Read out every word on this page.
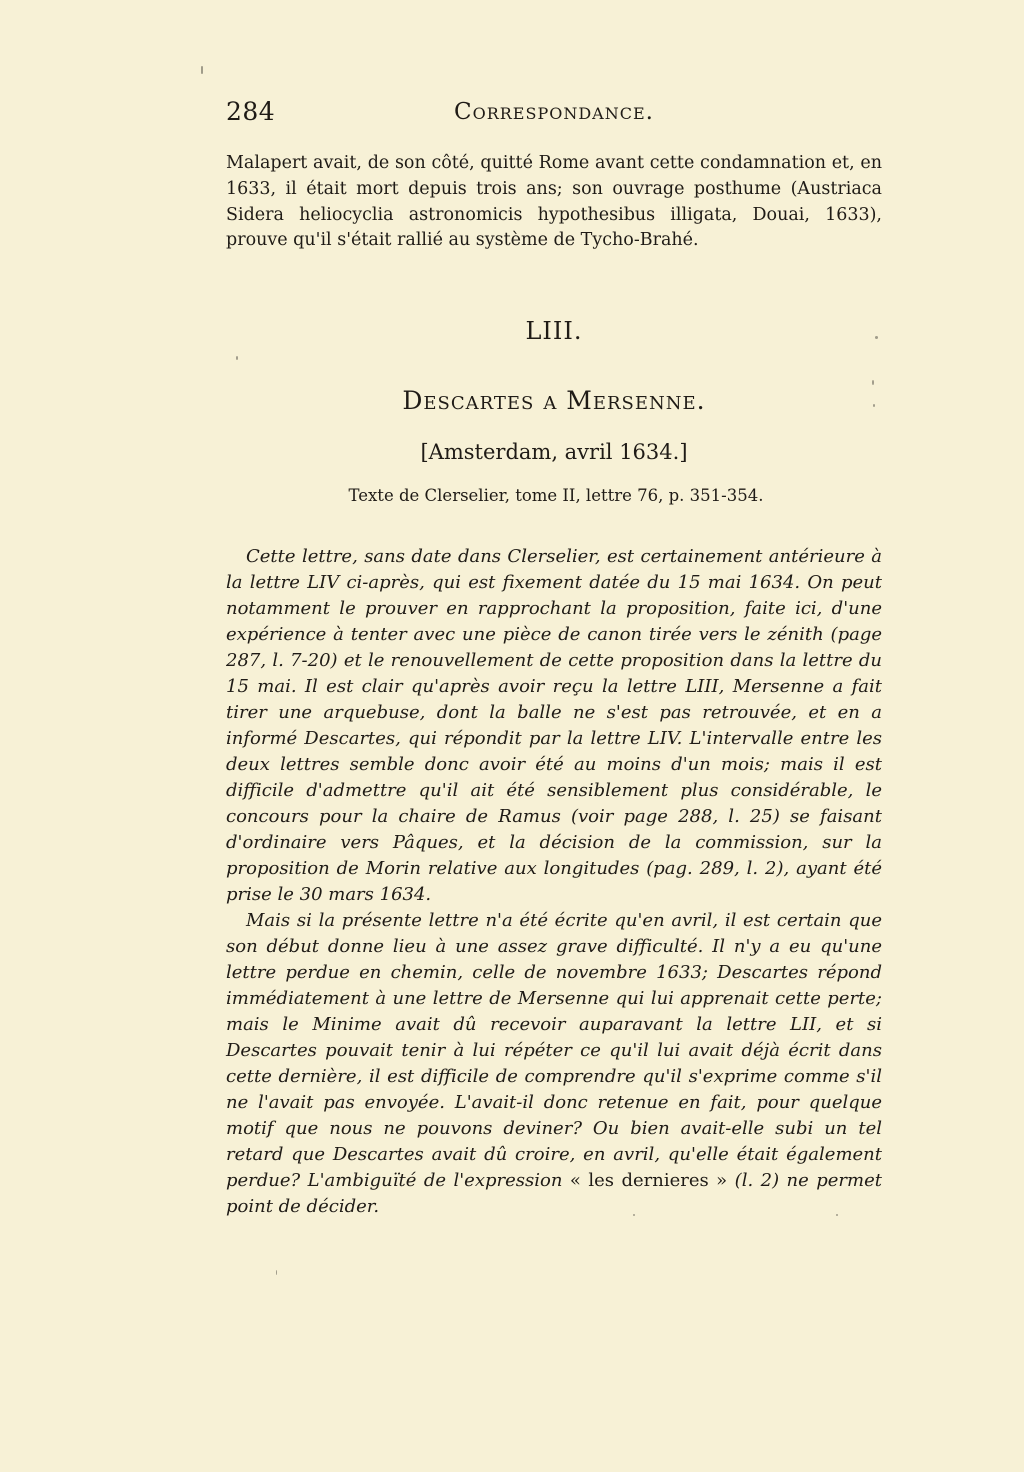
284	Correspondance.

Malapert avait, de son côté, quitté Rome avant cette condamnation et, en 1633, il était mort depuis trois ans; son ouvrage posthume (Austriaca Sidera heliocyclia astronomicis hypothesibus illigata, Douai, 1633), prouve qu'il s'était rallié au système de Tycho-Brahé.

LIII.
Descartes a Mersenne.
[Amsterdam, avril 1634.]
Texte de Clerselier, tome II, lettre 76, p. 351-354.

Cette lettre, sans date dans Clerselier, est certainement antérieure à la lettre LIV ci-après, qui est fixement datée du 15 mai 1634. On peut notamment le prouver en rapprochant la proposition, faite ici, d'une expérience à tenter avec une pièce de canon tirée vers le zénith (page 287, l. 7-20) et le renouvellement de cette proposition dans la lettre du 15 mai. Il est clair qu'après avoir reçu la lettre LIII, Mersenne a fait tirer une arquebuse, dont la balle ne s'est pas retrouvée, et en a informé Descartes, qui répondit par la lettre LIV. L'intervalle entre les deux lettres semble donc avoir été au moins d'un mois; mais il est difficile d'admettre qu'il ait été sensiblement plus considérable, le concours pour la chaire de Ramus (voir page 288, l. 25) se faisant d'ordinaire vers Pâques, et la décision de la commission, sur la proposition de Morin relative aux longitudes (pag. 289, l. 2), ayant été prise le 30 mars 1634.

Mais si la présente lettre n'a été écrite qu'en avril, il est certain que son début donne lieu à une assez grave difficulté. Il n'y a eu qu'une lettre perdue en chemin, celle de novembre 1633; Descartes répond immédiatement à une lettre de Mersenne qui lui apprenait cette perte; mais le Minime avait dû recevoir auparavant la lettre LII, et si Descartes pouvait tenir à lui répéter ce qu'il lui avait déjà écrit dans cette dernière, il est difficile de comprendre qu'il s'exprime comme s'il ne l'avait pas envoyée. L'avait-il donc retenue en fait, pour quelque motif que nous ne pouvons deviner? Ou bien avait-elle subi un tel retard que Descartes avait dû croire, en avril, qu'elle était également perdue? L'ambiguïté de l'expression « les dernieres » (l. 2) ne permet point de décider.
